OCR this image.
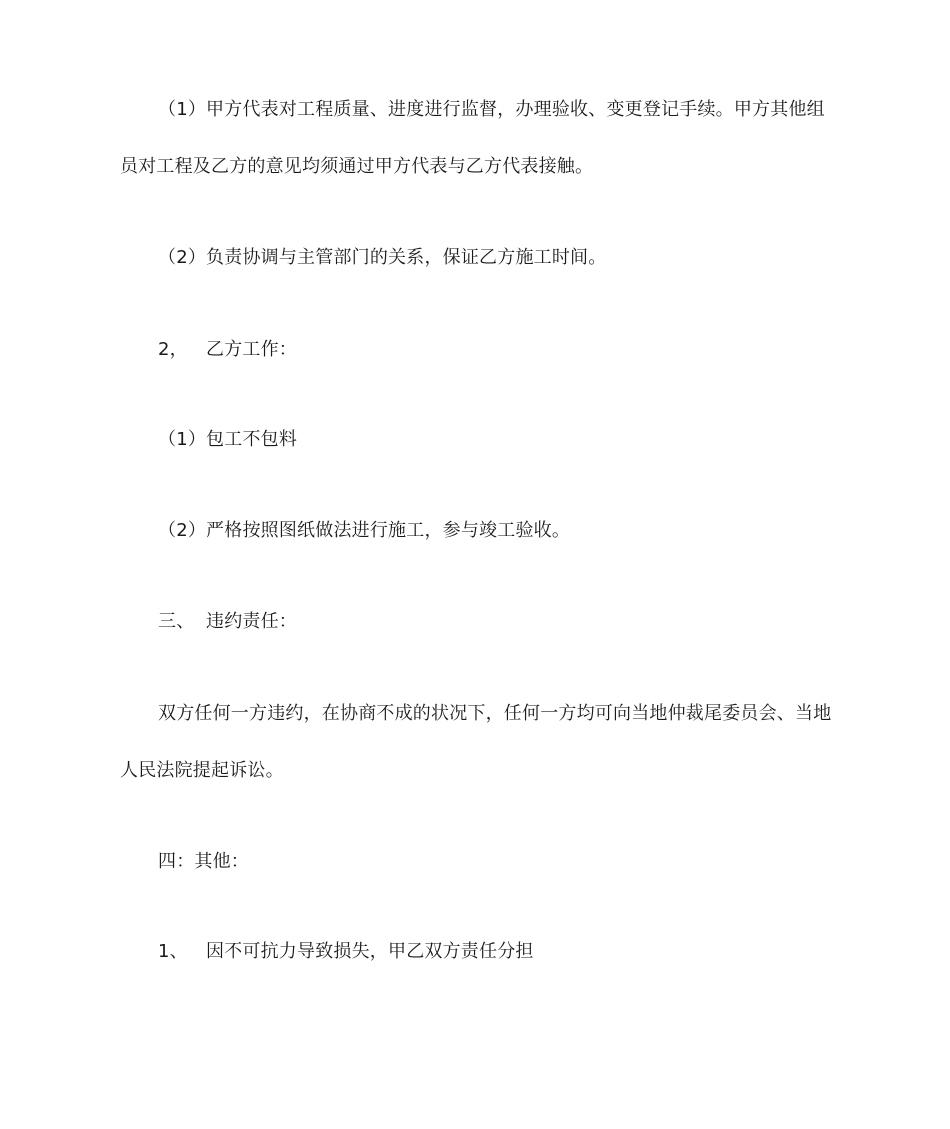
（1）甲方代表对工程质量、进度进行监督，办理验收、变更登记手续。甲方其他组
员对工程及乙方的意见均须通过甲方代表与乙方代表接触。
（2）负责协调与主管部门的关系，保证乙方施工时间。
2， 乙方工作：
（1）包工不包料
（2）严格按照图纸做法进行施工，参与竣工验收。
三、 违约责任：
双方任何一方违约，在协商不成的状况下，任何一方均可向当地仲裁尾委员会、当地
人民法院提起诉讼。
四：其他：
1、 因不可抗力导致损失，甲乙双方责任分担
